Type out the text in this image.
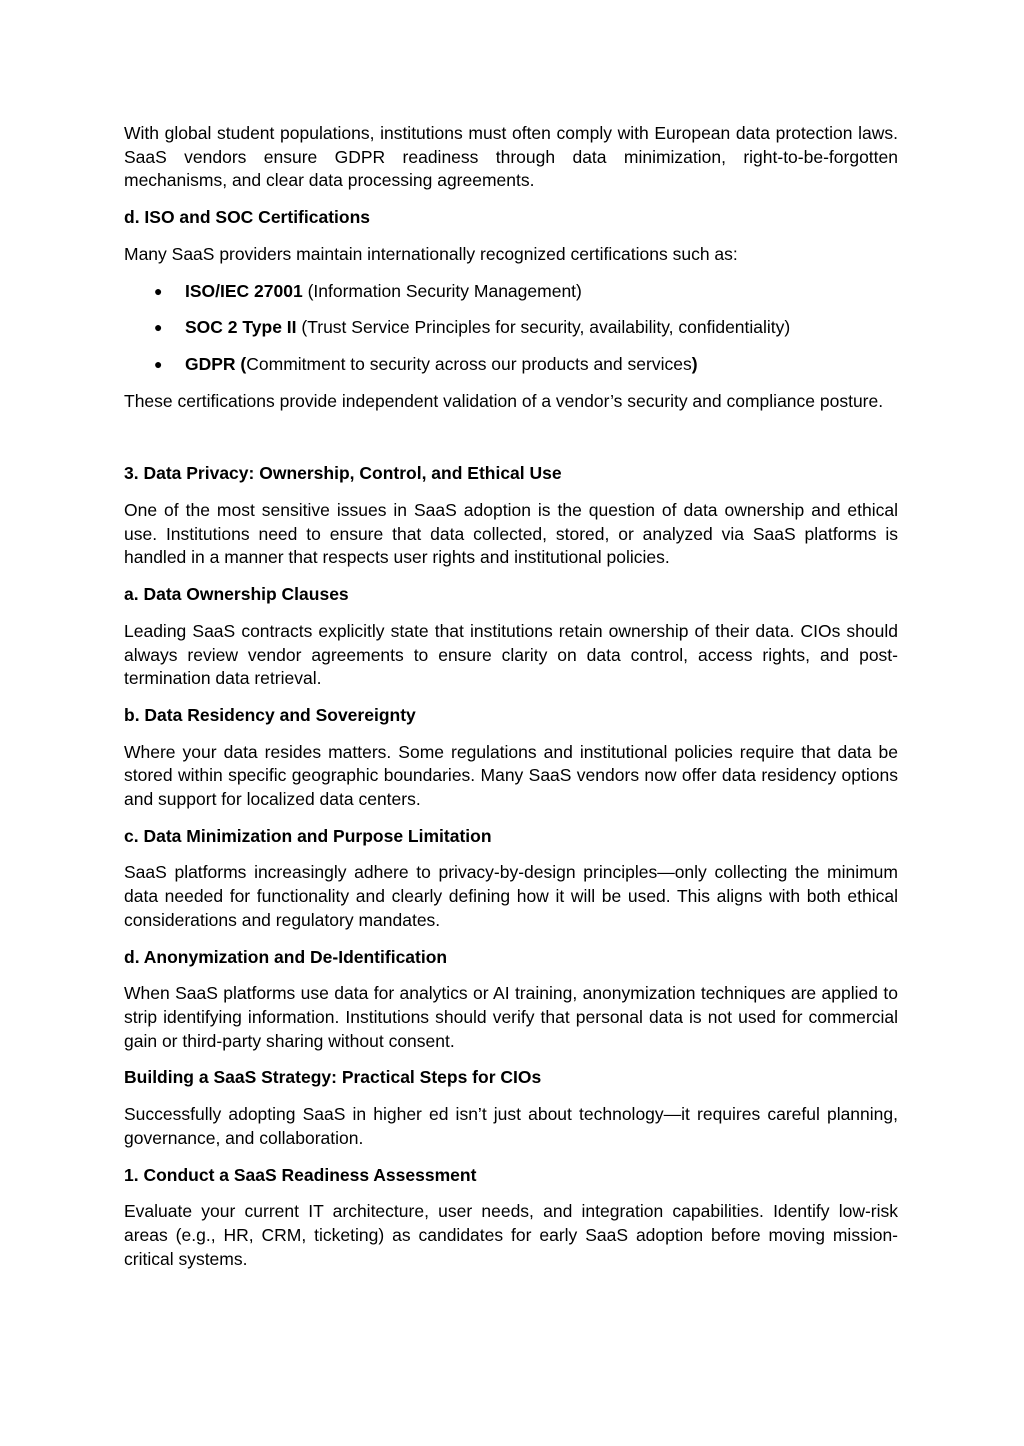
With global student populations, institutions must often comply with European data protection laws. SaaS vendors ensure GDPR readiness through data minimization, right-to-be-forgotten mechanisms, and clear data processing agreements.

d. ISO and SOC Certifications

Many SaaS providers maintain internationally recognized certifications such as:

● ISO/IEC 27001 (Information Security Management)
● SOC 2 Type II (Trust Service Principles for security, availability, confidentiality)
● GDPR (Commitment to security across our products and services)

These certifications provide independent validation of a vendor’s security and compliance posture.

3. Data Privacy: Ownership, Control, and Ethical Use

One of the most sensitive issues in SaaS adoption is the question of data ownership and ethical use. Institutions need to ensure that data collected, stored, or analyzed via SaaS platforms is handled in a manner that respects user rights and institutional policies.

a. Data Ownership Clauses

Leading SaaS contracts explicitly state that institutions retain ownership of their data. CIOs should always review vendor agreements to ensure clarity on data control, access rights, and post-termination data retrieval.

b. Data Residency and Sovereignty

Where your data resides matters. Some regulations and institutional policies require that data be stored within specific geographic boundaries. Many SaaS vendors now offer data residency options and support for localized data centers.

c. Data Minimization and Purpose Limitation

SaaS platforms increasingly adhere to privacy-by-design principles—only collecting the minimum data needed for functionality and clearly defining how it will be used. This aligns with both ethical considerations and regulatory mandates.

d. Anonymization and De-Identification

When SaaS platforms use data for analytics or AI training, anonymization techniques are applied to strip identifying information. Institutions should verify that personal data is not used for commercial gain or third-party sharing without consent.

Building a SaaS Strategy: Practical Steps for CIOs

Successfully adopting SaaS in higher ed isn’t just about technology—it requires careful planning, governance, and collaboration.

1. Conduct a SaaS Readiness Assessment

Evaluate your current IT architecture, user needs, and integration capabilities. Identify low-risk areas (e.g., HR, CRM, ticketing) as candidates for early SaaS adoption before moving mission-critical systems.
